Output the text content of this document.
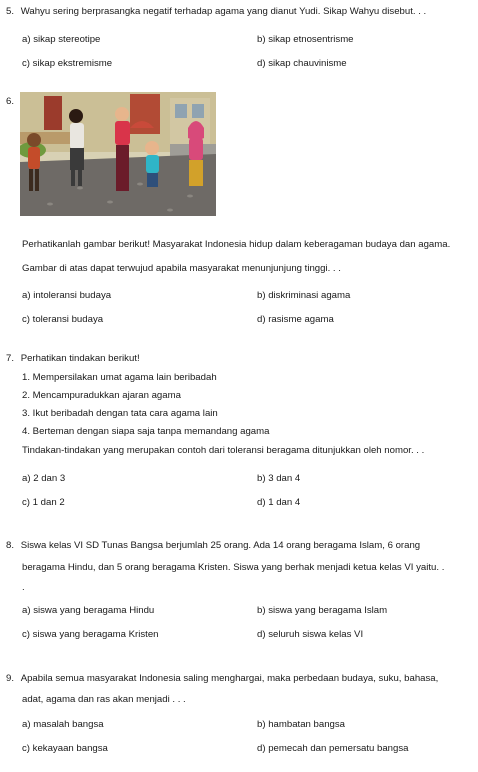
5. Wahyu sering berprasangka negatif terhadap agama yang dianut Yudi. Sikap Wahyu disebut. . .
a) sikap stereotipe	b) sikap etnosentrisme
c) sikap ekstremisme	d) sikap chauvinisme
6.
Perhatikanlah gambar berikut! Masyarakat Indonesia hidup dalam keberagaman budaya dan agama.
Gambar di atas dapat terwujud apabila masyarakat menunjunjung tinggi. . .
a) intoleransi budaya	b) diskriminasi agama
c) toleransi budaya	d) rasisme agama
7. Perhatikan tindakan berikut!
1. Mempersilakan umat agama lain beribadah
2. Mencampuradukkan ajaran agama
3. Ikut beribadah dengan tata cara agama lain
4. Berteman dengan siapa saja tanpa memandang agama
Tindakan-tindakan yang merupakan contoh dari toleransi beragama ditunjukkan oleh nomor. . .
a) 2 dan 3	b) 3 dan 4
c) 1 dan 2	d) 1 dan 4
8. Siswa kelas VI SD Tunas Bangsa berjumlah 25 orang. Ada 14 orang beragama Islam, 6 orang
beragama Hindu, dan 5 orang beragama Kristen. Siswa yang berhak menjadi ketua kelas VI yaitu. .
.
a) siswa yang beragama Hindu	b) siswa yang beragama Islam
c) siswa yang beragama Kristen	d) seluruh siswa kelas VI
9. Apabila semua masyarakat Indonesia saling menghargai, maka perbedaan budaya, suku, bahasa,
adat, agama dan ras akan menjadi . . .
a) masalah bangsa	b) hambatan bangsa
c) kekayaan bangsa	d) pemecah dan pemersatu bangsa
